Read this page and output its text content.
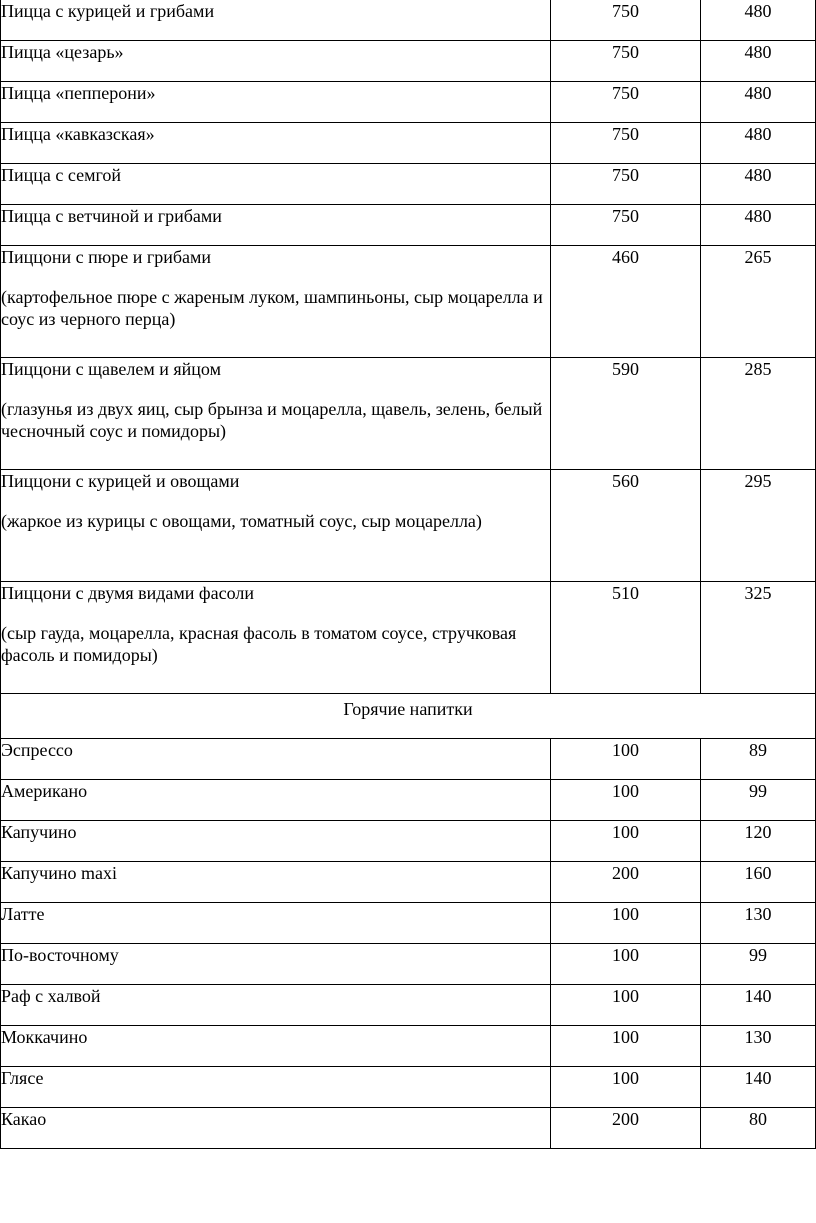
Пицца с курицей и грибами	750	480
Пицца «цезарь»	750	480
Пицца «пепперони»	750	480
Пицца «кавказская»	750	480
Пицца с семгой	750	480
Пицца с ветчиной и грибами	750	480

Пиццони с пюре и грибами
(картофельное пюре с жареным луком, шампиньоны, сыр моцарелла и соус из черного перца)	460	265

Пиццони с щавелем и яйцом
(глазунья из двух яиц, сыр брынза и моцарелла, щавель, зелень, белый чесночный соус и помидоры)	590	285

Пиццони с курицей и овощами
(жаркое из курицы с овощами, томатный соус, сыр моцарелла)	560	295

Пиццони с двумя видами фасоли
(сыр гауда, моцарелла, красная фасоль в томатом соусе, стручковая фасоль и помидоры)	510	325
Горячие напитки		
Эспрессо	100	89
Американо	100	99
Капучино	100	120
Капучино maxi	200	160
Латте	100	130
По-восточному	100	99
Раф с халвой	100	140
Моккачино	100	130
Глясе	100	140
Какао	200	80
